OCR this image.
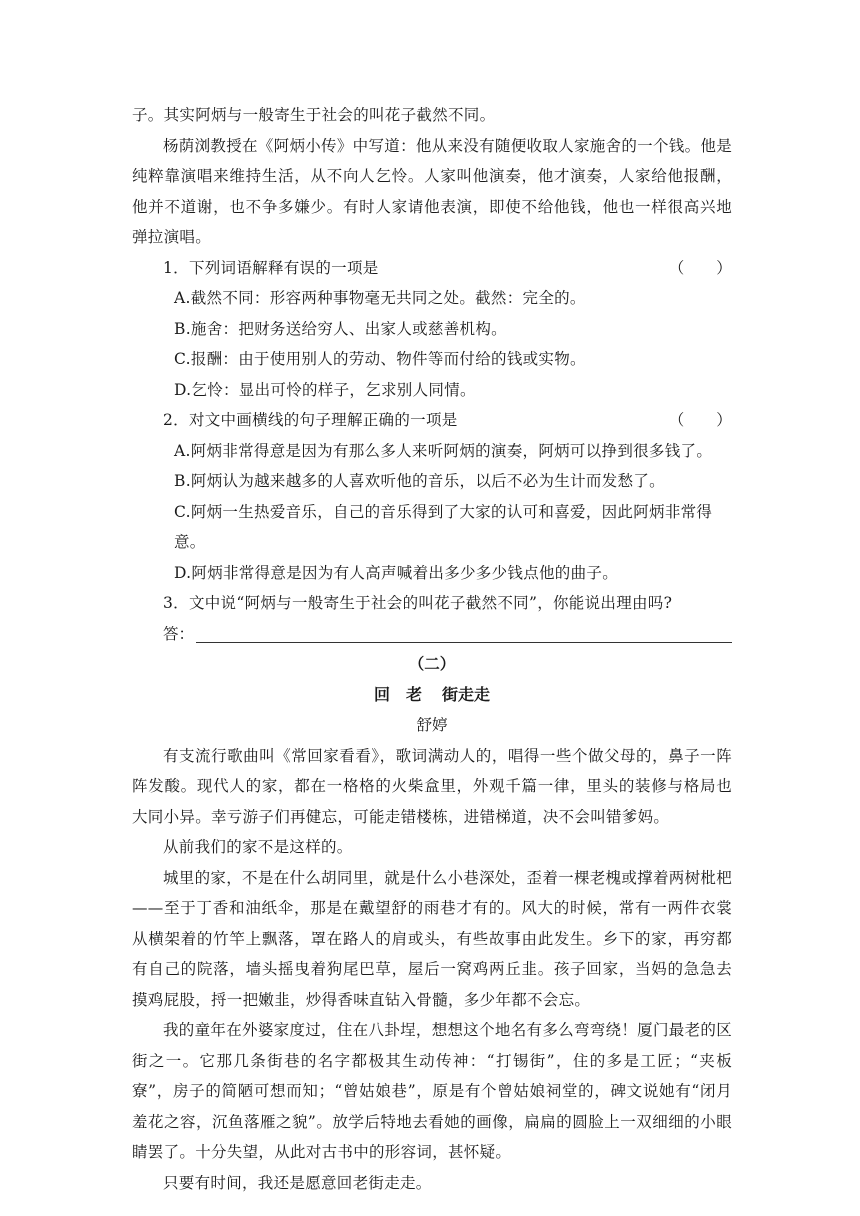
子。其实阿炳与一般寄生于社会的叫花子截然不同。

杨荫浏教授在《阿炳小传》中写道：他从来没有随便收取人家施舍的一个钱。他是纯粹靠演唱来维持生活，从不向人乞怜。人家叫他演奏，他才演奏，人家给他报酬，他并不道谢，也不争多嫌少。有时人家请他表演，即使不给他钱，他也一样很高兴地弹拉演唱。

1．下列词语解释有误的一项是	（　　）

A.截然不同：形容两种事物毫无共同之处。截然：完全的。

B.施舍：把财务送给穷人、出家人或慈善机构。

C.报酬：由于使用别人的劳动、物件等而付给的钱或实物。

D.乞怜：显出可怜的样子，乞求别人同情。

2．对文中画横线的句子理解正确的一项是	（　　）

A.阿炳非常得意是因为有那么多人来听阿炳的演奏，阿炳可以挣到很多钱了。

B.阿炳认为越来越多的人喜欢听他的音乐，以后不必为生计而发愁了。

C.阿炳一生热爱音乐，自己的音乐得到了大家的认可和喜爱，因此阿炳非常得意。

D.阿炳非常得意是因为有人高声喊着出多少多少钱点他的曲子。

3．文中说“阿炳与一般寄生于社会的叫花子截然不同”，你能说出理由吗?

答：

（二）

回　老 街走走

舒婷

有支流行歌曲叫《常回家看看》，歌词满动人的，唱得一些个做父母的，鼻子一阵阵发酸。现代人的家，都在一格格的火柴盒里，外观千篇一律，里头的装修与格局也大同小异。幸亏游子们再健忘，可能走错楼栋，进错梯道，决不会叫错爹妈。

从前我们的家不是这样的。

城里的家，不是在什么胡同里，就是什么小巷深处，歪着一棵老槐或撑着两树枇杷——至于丁香和油纸伞，那是在戴望舒的雨巷才有的。风大的时候，常有一两件衣裳从横架着的竹竿上飘落，罩在路人的肩或头，有些故事由此发生。乡下的家，再穷都有自己的院落，墙头摇曳着狗尾巴草，屋后一窝鸡两丘韭。孩子回家，当妈的急急去摸鸡屁股，捋一把嫩韭，炒得香味直钻入骨髓，多少年都不会忘。

我的童年在外婆家度过，住在八卦埕，想想这个地名有多么弯弯绕！厦门最老的区街之一。它那几条街巷的名字都极其生动传神：“打锡街”，住的多是工匠；“夹板寮”，房子的简陋可想而知；“曾姑娘巷”，原是有个曾姑娘祠堂的，碑文说她有“闭月羞花之容，沉鱼落雁之貌”。放学后特地去看她的画像，扁扁的圆脸上一双细细的小眼睛罢了。十分失望，从此对古书中的形容词，甚怀疑。

只要有时间，我还是愿意回老街走走。
